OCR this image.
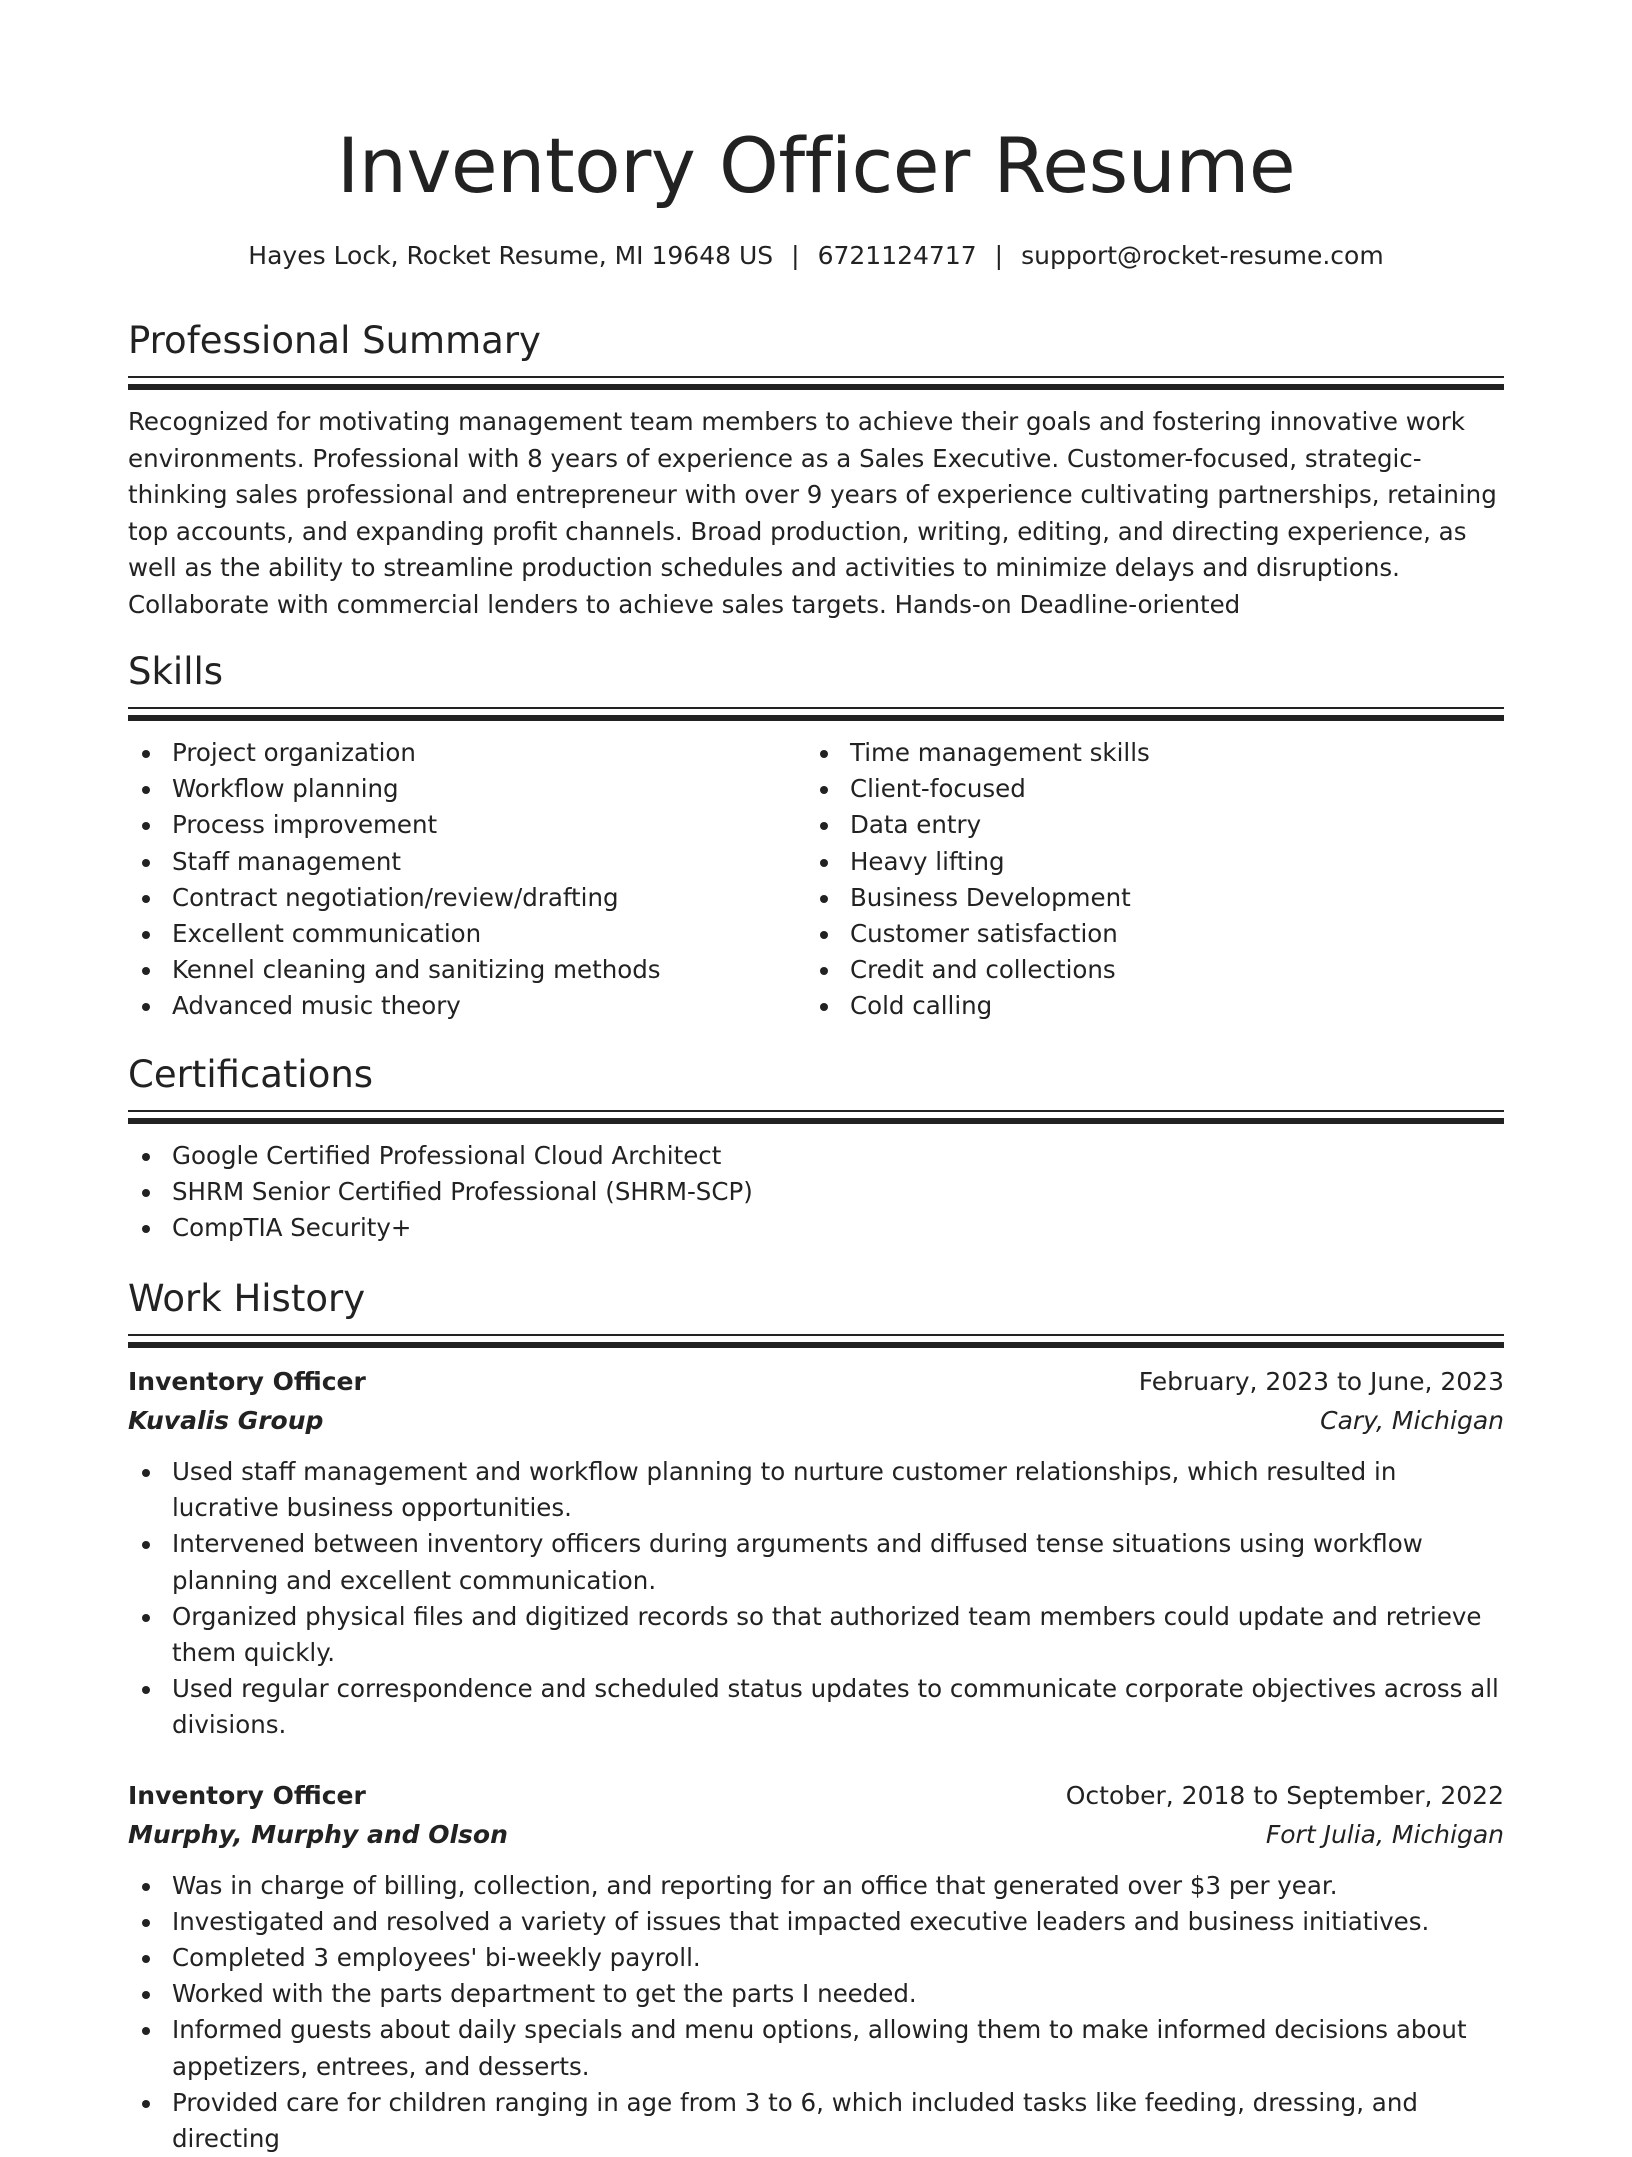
Inventory Officer Resume
Hayes Lock, Rocket Resume, MI 19648 US | 6721124717 | support@rocket-resume.com
Professional Summary

Recognized for motivating management team members to achieve their goals and fostering innovative work environments. Professional with 8 years of experience as a Sales Executive. Customer-focused, strategic-thinking sales professional and entrepreneur with over 9 years of experience cultivating partnerships, retaining top accounts, and expanding profit channels. Broad production, writing, editing, and directing experience, as well as the ability to streamline production schedules and activities to minimize delays and disruptions. Collaborate with commercial lenders to achieve sales targets. Hands-on Deadline-oriented

Skills
Project organization
Workflow planning
Process improvement
Staff management
Contract negotiation/review/drafting
Excellent communication
Kennel cleaning and sanitizing methods
Advanced music theory
Time management skills
Client-focused
Data entry
Heavy lifting
Business Development
Customer satisfaction
Credit and collections
Cold calling
Certifications
Google Certified Professional Cloud Architect
SHRM Senior Certified Professional (SHRM-SCP)
CompTIA Security+
Work History
Inventory Officer	February, 2023 to June, 2023
Kuvalis Group	Cary, Michigan
Used staff management and workflow planning to nurture customer relationships, which resulted in lucrative business opportunities.
Intervened between inventory officers during arguments and diffused tense situations using workflow planning and excellent communication.
Organized physical files and digitized records so that authorized team members could update and retrieve them quickly.
Used regular correspondence and scheduled status updates to communicate corporate objectives across all divisions.
Inventory Officer	October, 2018 to September, 2022
Murphy, Murphy and Olson	Fort Julia, Michigan
Was in charge of billing, collection, and reporting for an office that generated over $3 per year.
Investigated and resolved a variety of issues that impacted executive leaders and business initiatives.
Completed 3 employees' bi-weekly payroll.
Worked with the parts department to get the parts I needed.
Informed guests about daily specials and menu options, allowing them to make informed decisions about appetizers, entrees, and desserts.
Provided care for children ranging in age from 3 to 6, which included tasks like feeding, dressing, and directing
